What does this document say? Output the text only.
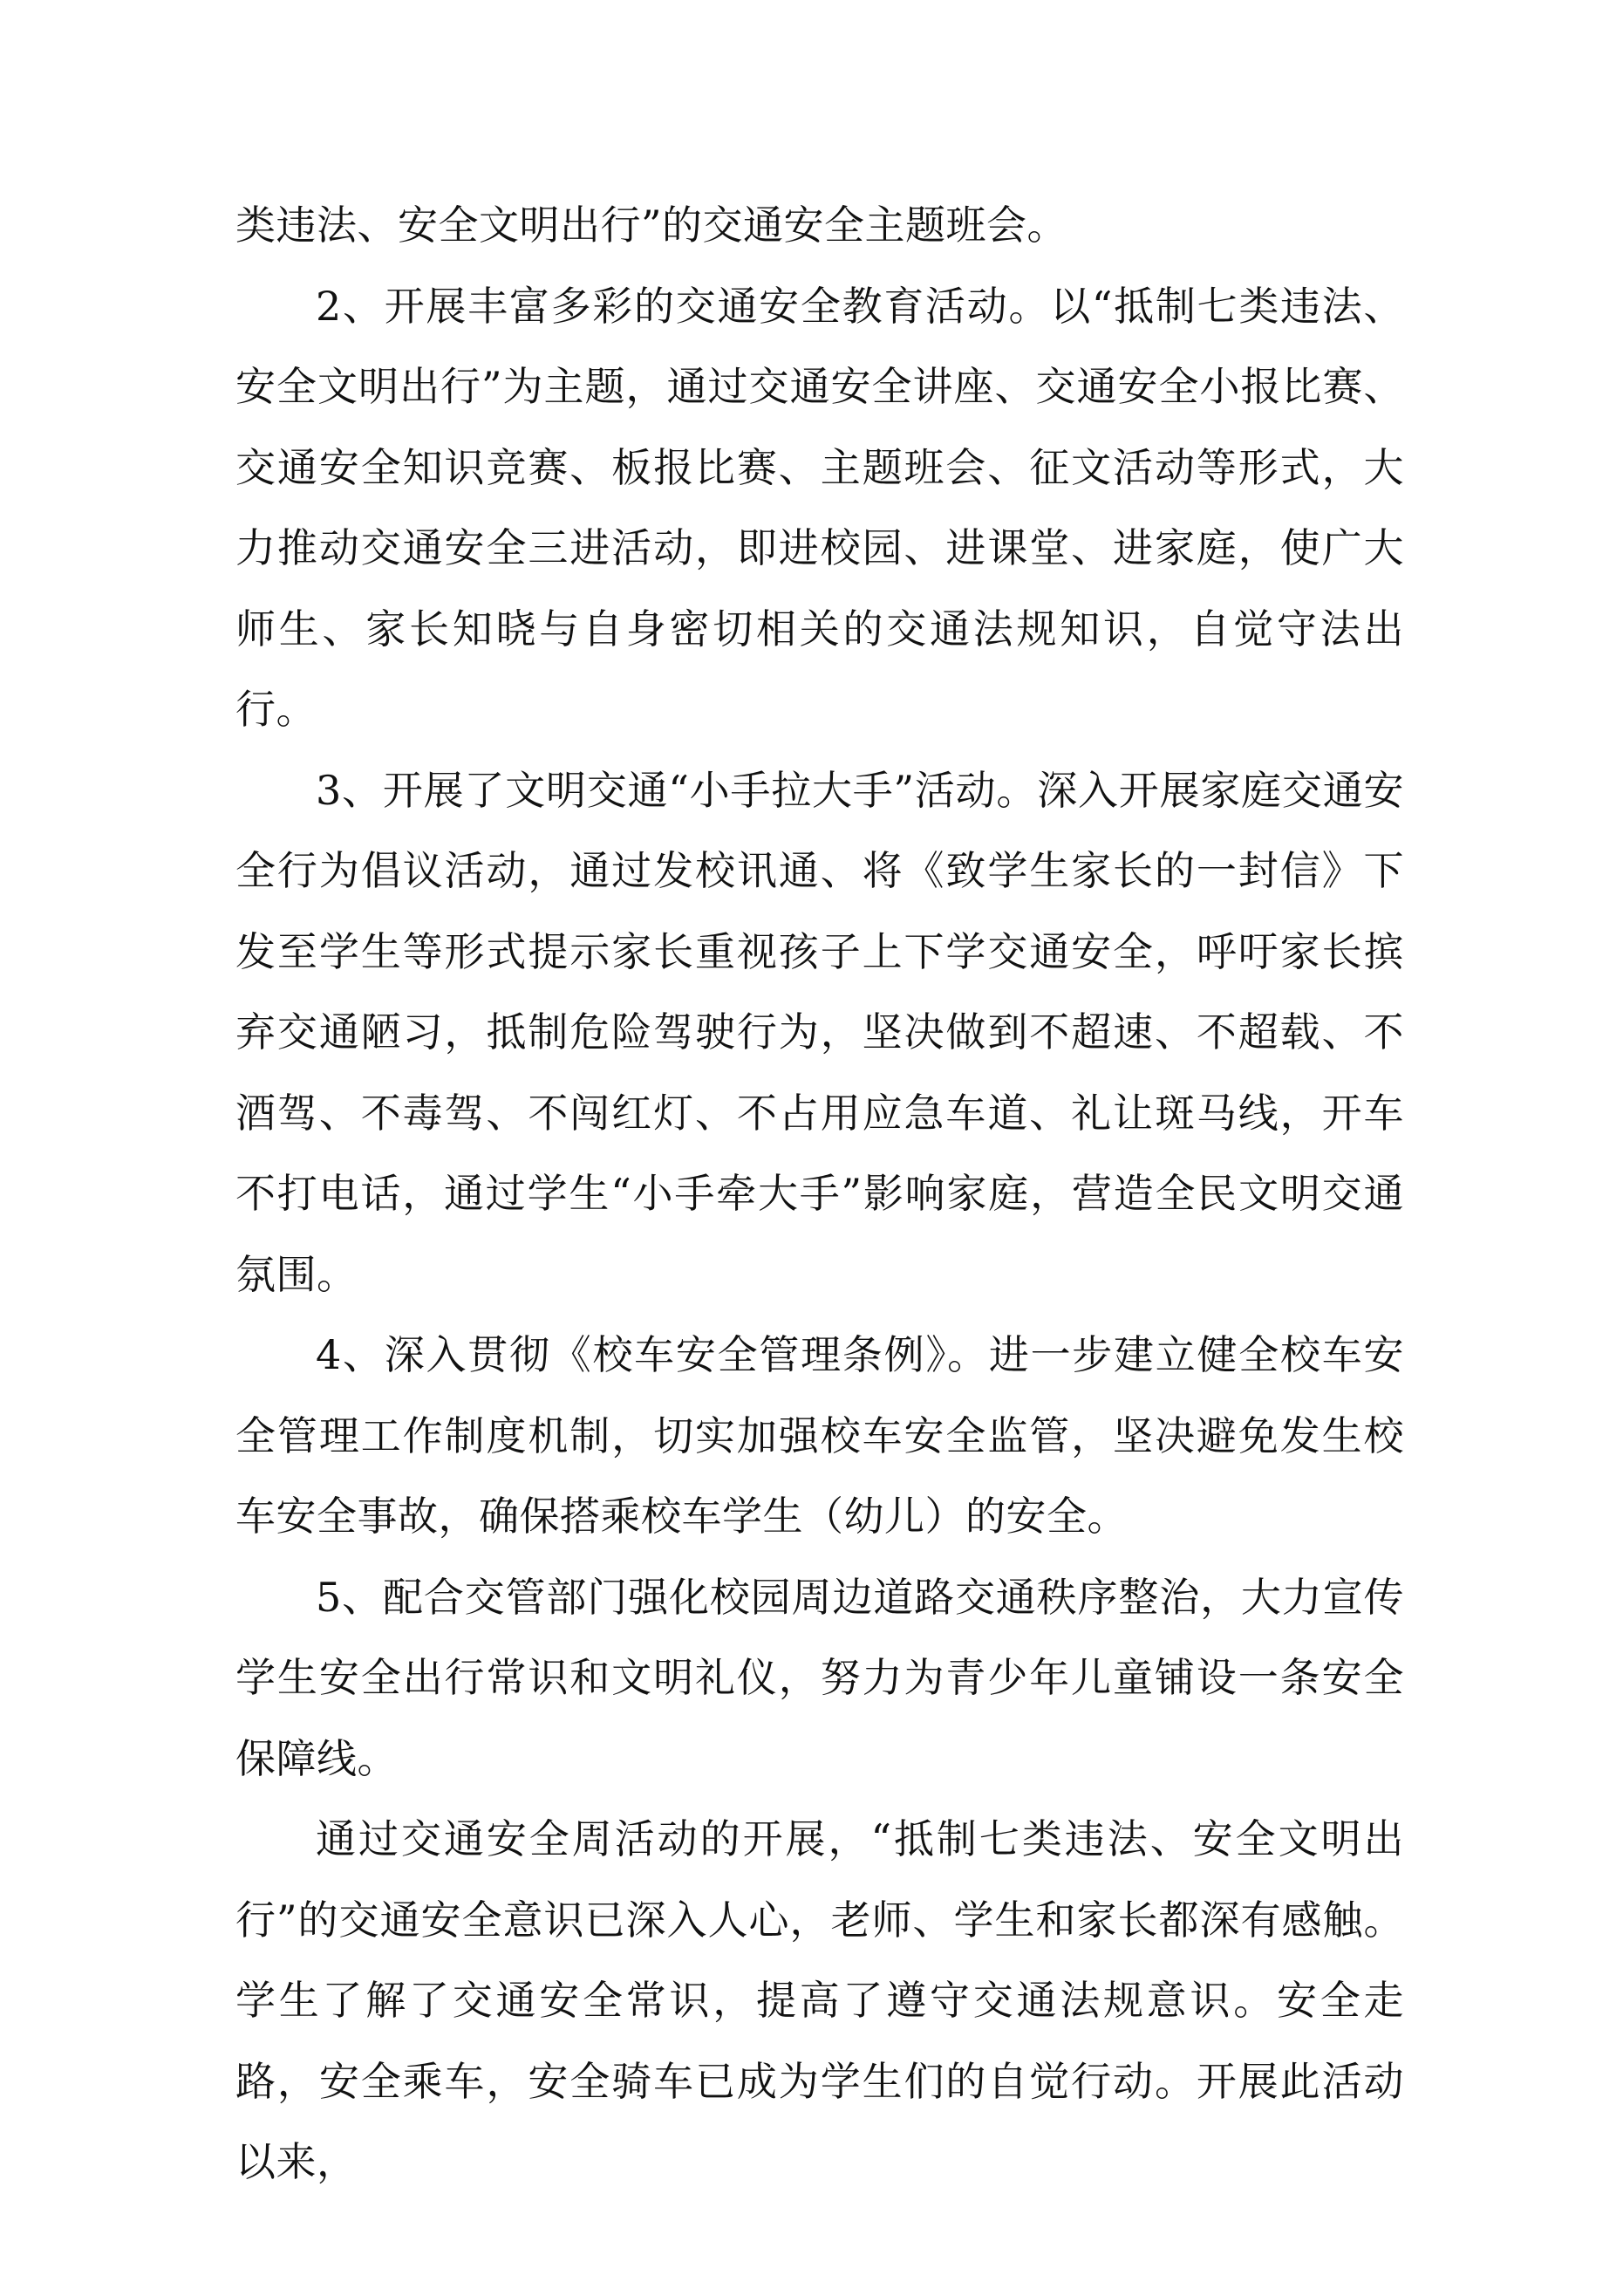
类违法、安全文明出行”的交通安全主题班会。

2、开展丰富多彩的交通安全教育活动。以“抵制七类违法、安全文明出行”为主题，通过交通安全讲座、交通安全小报比赛、交通安全知识竞赛、板报比赛、主题班会、征文活动等形式，大力推动交通安全三进活动，即进校园、进课堂、进家庭，使广大师生、家长知晓与自身密切相关的交通法规知识，自觉守法出行。

3、开展了文明交通“小手拉大手”活动。深入开展家庭交通安全行为倡议活动，通过发校讯通、将《致学生家长的一封信》下发至学生等形式提示家长重视孩子上下学交通安全，呼吁家长摈弃交通陋习，抵制危险驾驶行为，坚决做到不超速、不超载、不酒驾、不毒驾、不闯红灯、不占用应急车道、礼让斑马线，开车不打电话，通过学生“小手牵大手”影响家庭，营造全民文明交通氛围。

4、深入贯彻《校车安全管理条例》。进一步建立健全校车安全管理工作制度机制，切实加强校车安全监管，坚决避免发生校车安全事故，确保搭乘校车学生（幼儿）的安全。

5、配合交管部门强化校园周边道路交通秩序整治，大力宣传学生安全出行常识和文明礼仪，努力为青少年儿童铺设一条安全保障线。

通过交通安全周活动的开展，“抵制七类违法、安全文明出行”的交通安全意识已深入人心，老师、学生和家长都深有感触。学生了解了交通安全常识，提高了遵守交通法规意识。安全走路，安全乘车，安全骑车已成为学生们的自觉行动。开展此活动以来，
